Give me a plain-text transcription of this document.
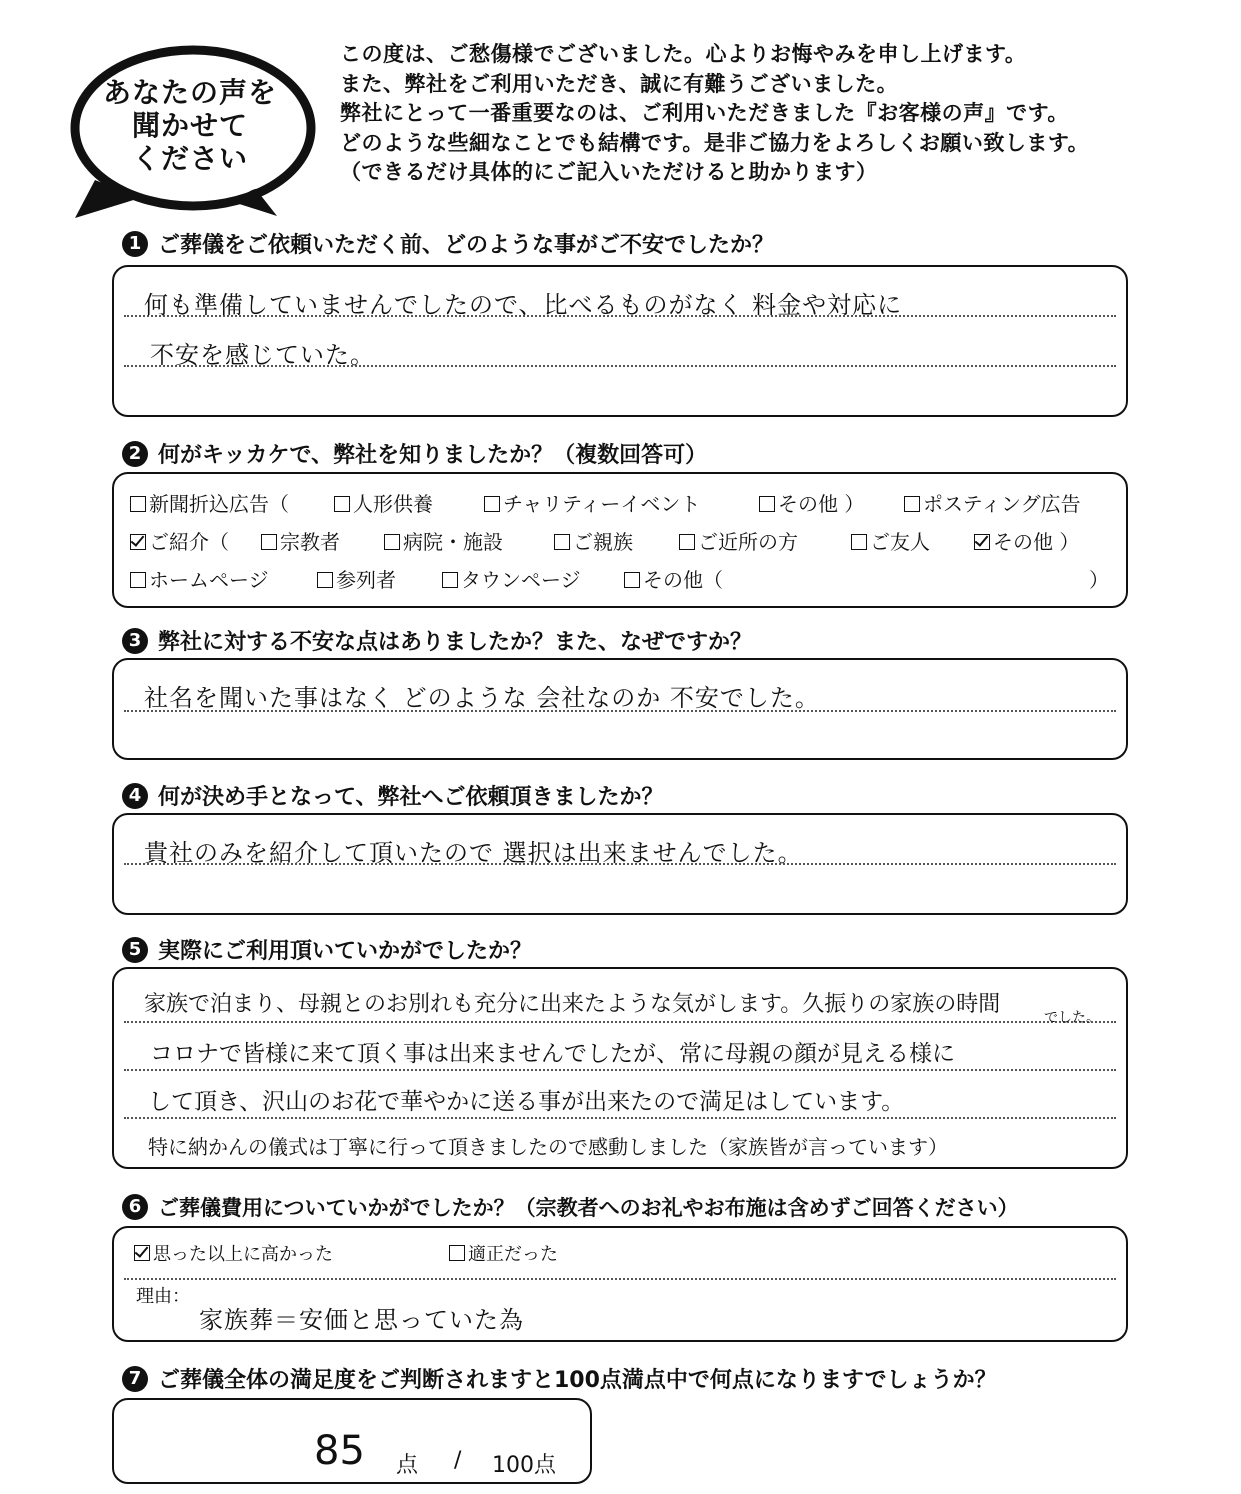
あなたの声を
聞かせて
ください
この度は、ご愁傷様でございました。心よりお悔やみを申し上げます。
また、弊社をご利用いただき、誠に有難うございました。
弊社にとって一番重要なのは、ご利用いただきました『お客様の声』です。
どのような些細なことでも結構です。是非ご協力をよろしくお願い致します。
（できるだけ具体的にご記入いただけると助かります）
1 ご葬儀をご依頼いただく前、どのような事がご不安でしたか？
何も準備していませんでしたので、比べるものがなく 料金や対応に
不安を感じていた。
2 何がキッカケで、弊社を知りましたか？（複数回答可）
新聞折込広告（	人形供養	チャリティーイベント	その他 ）	ポスティング広告
ご紹介（	宗教者	病院・施設	ご親族	ご近所の方	ご友人	その他 ）
ホームページ	参列者	タウンページ	その他（	）
3 弊社に対する不安な点はありましたか？また、なぜですか？
社名を聞いた事はなく どのような 会社なのか 不安でした。
4 何が決め手となって、弊社へご依頼頂きましたか？
貴社のみを紹介して頂いたので 選択は出来ませんでした。
5 実際にご利用頂いていかがでしたか？
家族で泊まり、母親とのお別れも充分に出来たような気がします。久振りの家族の時間
でした。
コロナで皆様に来て頂く事は出来ませんでしたが、常に母親の顔が見える様に
して頂き、沢山のお花で華やかに送る事が出来たので満足はしています。
特に納かんの儀式は丁寧に行って頂きましたので感動しました（家族皆が言っています）
6 ご葬儀費用についていかがでしたか？（宗教者へのお礼やお布施は含めずご回答ください）
思った以上に高かった	適正だった
理由：
家族葬＝安価と思っていた為
7 ご葬儀全体の満足度をご判断されますと100点満点中で何点になりますでしょうか？
85 点 / 100点
